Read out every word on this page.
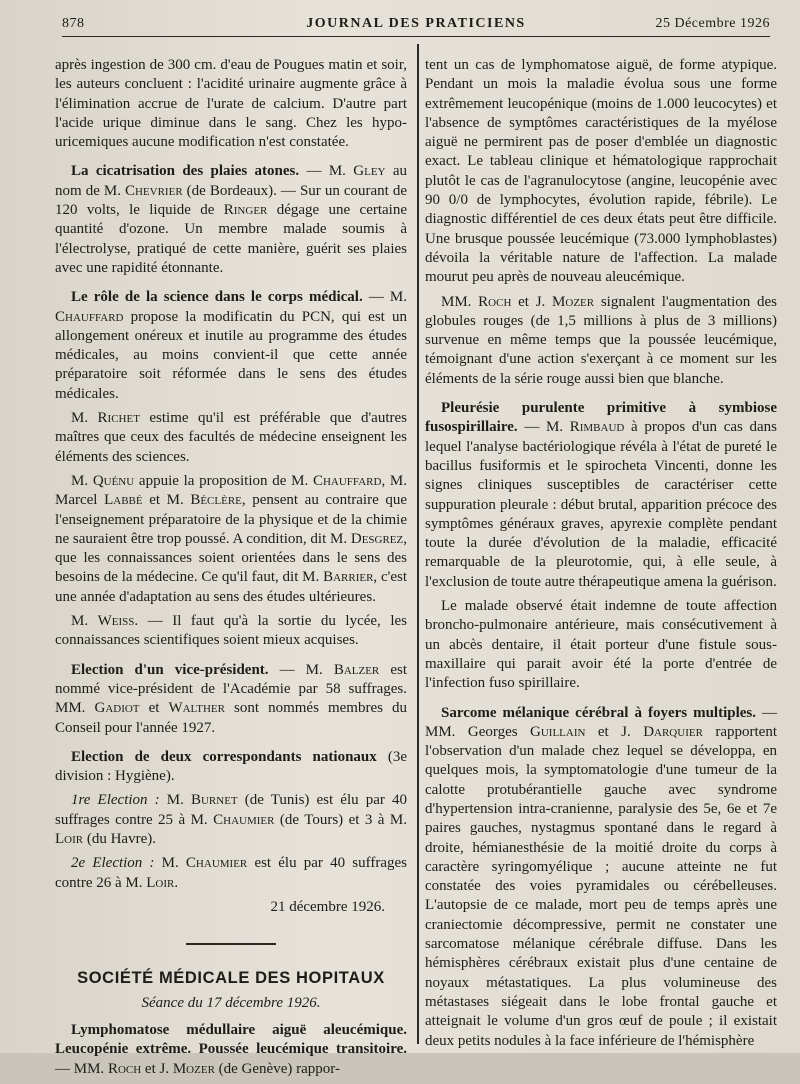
878	JOURNAL DES PRATICIENS	25 Décembre 1926

après ingestion de 300 cm. d'eau de Pougues matin et soir, les auteurs concluent : l'acidité urinaire augmente grâce à l'élimination accrue de l'urate de calcium. D'autre part l'acide urique diminue dans le sang. Chez les hypo-uricemiques aucune modification n'est constatée.

La cicatrisation des plaies atones. — M. Gley au nom de M. Chevrier (de Bordeaux). — Sur un courant de 120 volts, le liquide de Ringer dégage une certaine quantité d'ozone. Un membre malade soumis à l'électrolyse, pratiqué de cette manière, guérit ses plaies avec une rapidité étonnante.

Le rôle de la science dans le corps médical. — M. Chauffard propose la modificatin du PCN, qui est un allongement onéreux et inutile au programme des études médicales, au moins convient-il que cette année préparatoire soit réformée dans le sens des études médicales.

M. Richet estime qu'il est préférable que d'autres maîtres que ceux des facultés de médecine enseignent les éléments des sciences.

M. Quénu appuie la proposition de M. Chauffard, M. Marcel Labbé et M. Béclère, pensent au contraire que l'enseignement préparatoire de la physique et de la chimie ne sauraient être trop poussé. A condition, dit M. Desgrez, que les connaissances soient orientées dans le sens des besoins de la médecine. Ce qu'il faut, dit M. Barrier, c'est une année d'adaptation au sens des études ultérieures.

M. Weiss. — Il faut qu'à la sortie du lycée, les connaissances scientifiques soient mieux acquises.

Election d'un vice-président. — M. Balzer est nommé vice-président de l'Académie par 58 suffrages. MM. Gadiot et Walther sont nommés membres du Conseil pour l'année 1927.

Election de deux correspondants nationaux (3e division : Hygiène).

1re Election : M. Burnet (de Tunis) est élu par 40 suffrages contre 25 à M. Chaumier (de Tours) et 3 à M. Loir (du Havre).

2e Election : M. Chaumier est élu par 40 suffrages contre 26 à M. Loir.

21 décembre 1926.

SOCIÉTÉ MÉDICALE DES HOPITAUX

Séance du 17 décembre 1926.

Lymphomatose médullaire aiguë aleucémique. Leucopénie extrême. Poussée leucémique transitoire. — MM. Roch et J. Mozer (de Genève) rappor-

tent un cas de lymphomatose aiguë, de forme atypique. Pendant un mois la maladie évolua sous une forme extrêmement leucopénique (moins de 1.000 leucocytes) et l'absence de symptômes caractéristiques de la myélose aiguë ne permirent pas de poser d'emblée un diagnostic exact. Le tableau clinique et hématologique rapprochait plutôt le cas de l'agranulocytose (angine, leucopénie avec 90 0/0 de lymphocytes, évolution rapide, fébrile). Le diagnostic différentiel de ces deux états peut être difficile. Une brusque poussée leucémique (73.000 lymphoblastes) dévoila la véritable nature de l'affection. La malade mourut peu après de nouveau aleucémique.

MM. Roch et J. Mozer signalent l'augmentation des globules rouges (de 1,5 millions à plus de 3 millions) survenue en même temps que la poussée leucémique, témoignant d'une action s'exerçant à ce moment sur les éléments de la série rouge aussi bien que blanche.

Pleurésie purulente primitive à symbiose fusospirillaire. — M. Rimbaud à propos d'un cas dans lequel l'analyse bactériologique révéla à l'état de pureté le bacillus fusiformis et le spirocheta Vincenti, donne les signes cliniques susceptibles de caractériser cette suppuration pleurale : début brutal, apparition précoce des symptômes généraux graves, apyrexie complète pendant toute la durée d'évolution de la maladie, efficacité remarquable de la pleurotomie, qui, à elle seule, à l'exclusion de toute autre thérapeutique amena la guérison.

Le malade observé était indemne de toute affection broncho-pulmonaire antérieure, mais consécutivement à un abcès dentaire, il était porteur d'une fistule sous-maxillaire qui parait avoir été la porte d'entrée de l'infection fuso spirillaire.

Sarcome mélanique cérébral à foyers multiples. — MM. Georges Guillain et J. Darquier rapportent l'observation d'un malade chez lequel se développa, en quelques mois, la symptomatologie d'une tumeur de la calotte protubérantielle gauche avec syndrome d'hypertension intra-cranienne, paralysie des 5e, 6e et 7e paires gauches, nystagmus spontané dans le regard à droite, hémianesthésie de la moitié droite du corps à caractère syringomyélique ; aucune atteinte ne fut constatée des voies pyramidales ou cérébelleuses. L'autopsie de ce malade, mort peu de temps après une craniectomie décompressive, permit ne constater une sarcomatose mélanique cérébrale diffuse. Dans les hémisphères cérébraux existait plus d'une centaine de noyaux métastatiques. La plus volumineuse des métastases siégeait dans le lobe frontal gauche et atteignait le volume d'un gros œuf de poule ; il existait deux petits nodules à la face inférieure de l'hémisphère
